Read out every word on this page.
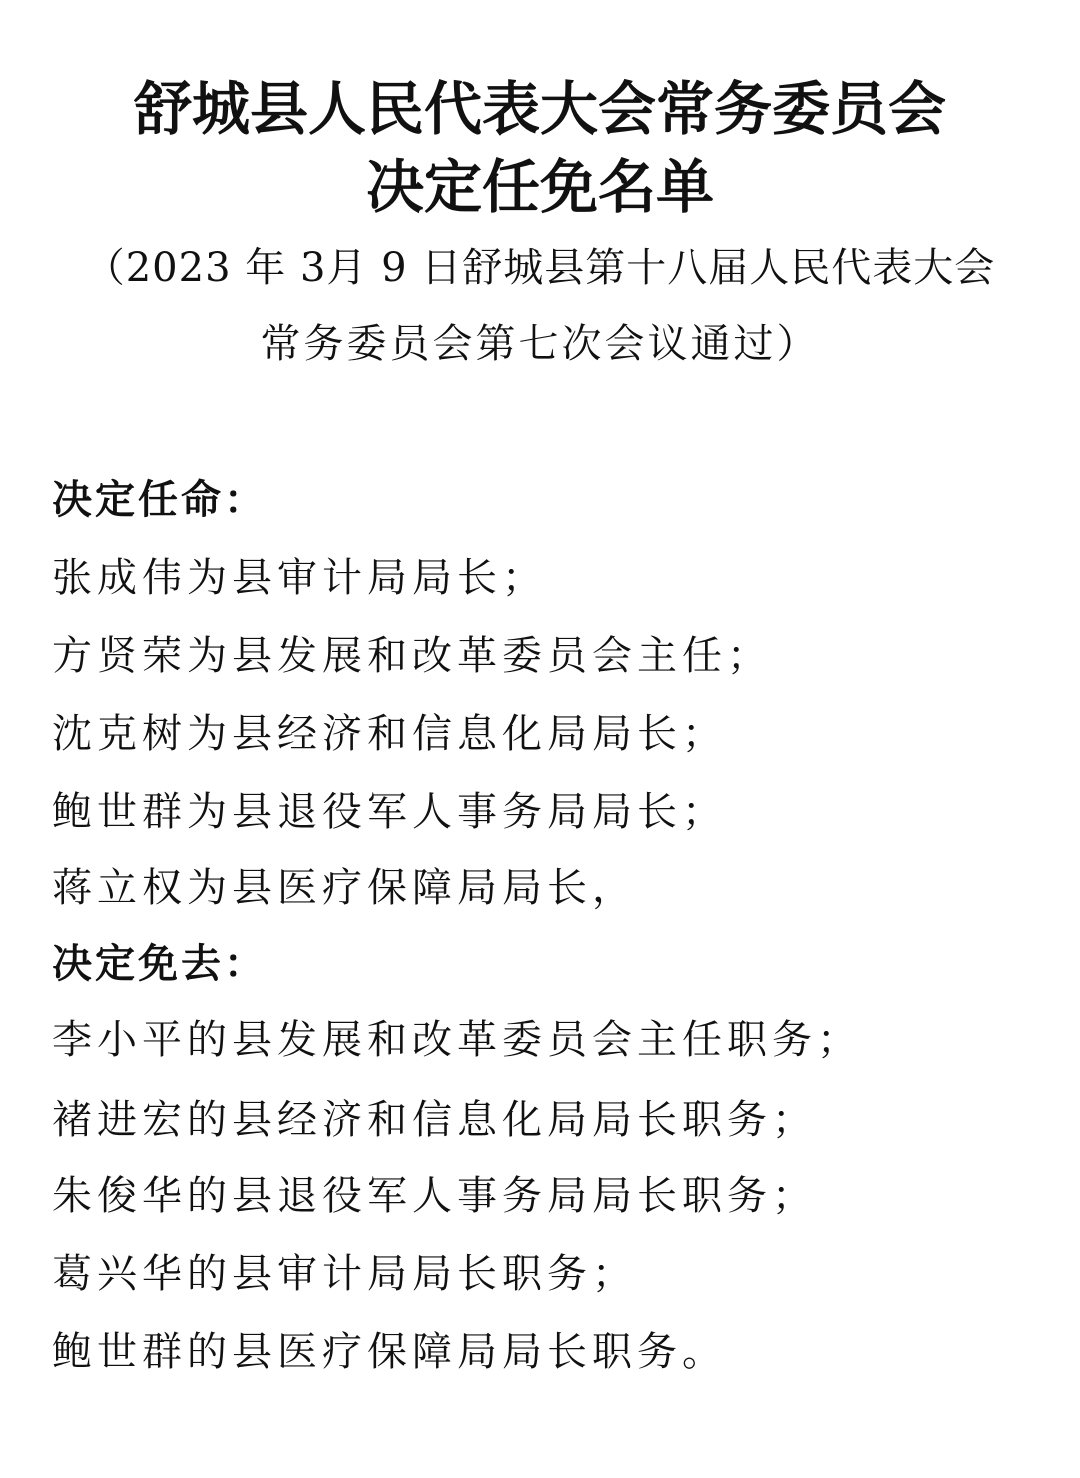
舒城县人民代表大会常务委员会
决定任免名单
（2023 年 3月 9 日舒城县第十八届人民代表大会
常务委员会第七次会议通过）
决定任命：
张成伟为县审计局局长；
方贤荣为县发展和改革委员会主任；
沈克树为县经济和信息化局局长；
鲍世群为县退役军人事务局局长；
蒋立权为县医疗保障局局长，
决定免去：
李小平的县发展和改革委员会主任职务；
褚进宏的县经济和信息化局局长职务；
朱俊华的县退役军人事务局局长职务；
葛兴华的县审计局局长职务；
鲍世群的县医疗保障局局长职务。
